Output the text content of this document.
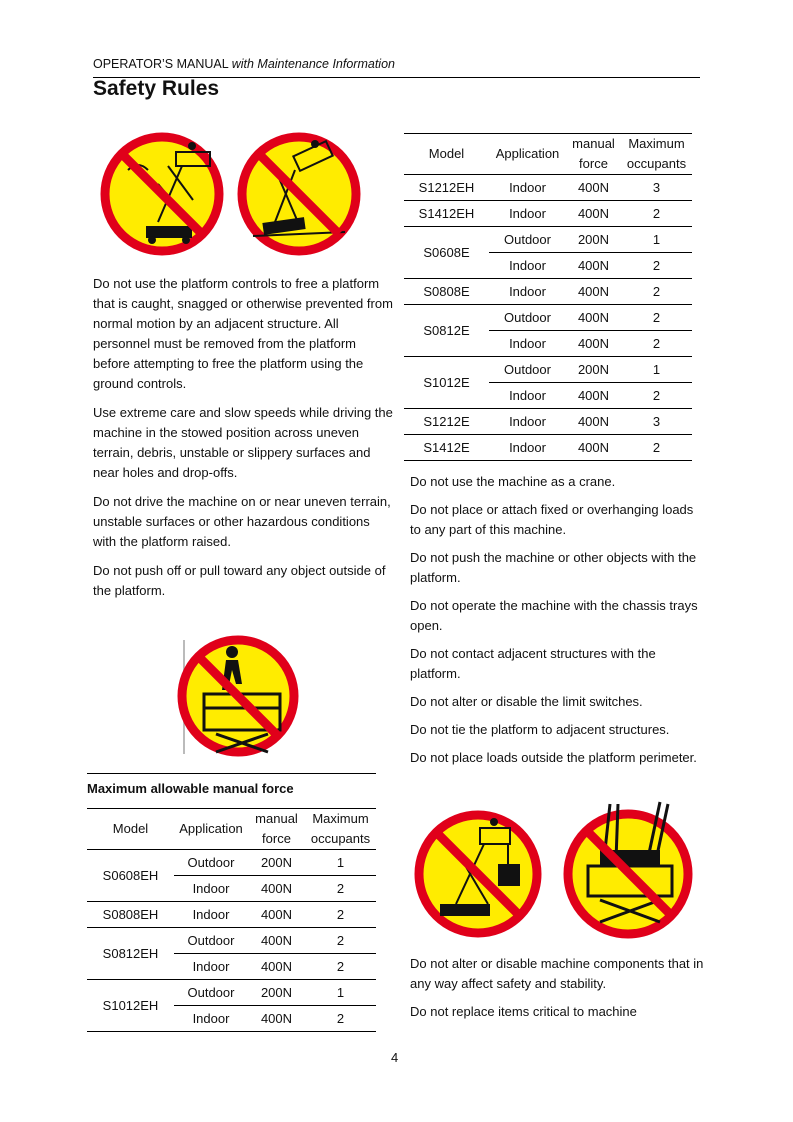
OPERATOR’S MANUAL with Maintenance Information
Safety Rules

Do not use the platform controls to free a platform that is caught, snagged or otherwise prevented from normal motion by an adjacent structure. All personnel must be removed from the platform before attempting to free the platform using the ground controls.

Use extreme care and slow speeds while driving the machine in the stowed position across uneven terrain, debris, unstable or slippery surfaces and near holes and drop-offs.

Do not drive the machine on or near uneven terrain, unstable surfaces or other hazardous conditions with the platform raised.

Do not push off or pull toward any object outside of the platform.

Model	Application	manual force	Maximum occupants
S1212EH	Indoor	400N	3
S1412EH	Indoor	400N	2
S0608E	Outdoor	200N	1
	Indoor	400N	2
S0808E	Indoor	400N	2
S0812E	Outdoor	400N	2
	Indoor	400N	2
S1012E	Outdoor	200N	1
	Indoor	400N	2
S1212E	Indoor	400N	3
S1412E	Indoor	400N	2

Do not use the machine as a crane.

Do not place or attach fixed or overhanging loads to any part of this machine.

Do not push the machine or other objects with the platform.

Do not operate the machine with the chassis trays open.

Do not contact adjacent structures with the platform.

Do not alter or disable the limit switches.

Do not tie the platform to adjacent structures.

Do not place loads outside the platform perimeter.

Maximum allowable manual force
Model	Application	manual force	Maximum occupants
S0608EH	Outdoor	200N	1
	Indoor	400N	2
S0808EH	Indoor	400N	2
S0812EH	Outdoor	400N	2
	Indoor	400N	2
S1012EH	Outdoor	200N	1
	Indoor	400N	2

Do not alter or disable machine components that in any way affect safety and stability.

Do not replace items critical to machine

4
